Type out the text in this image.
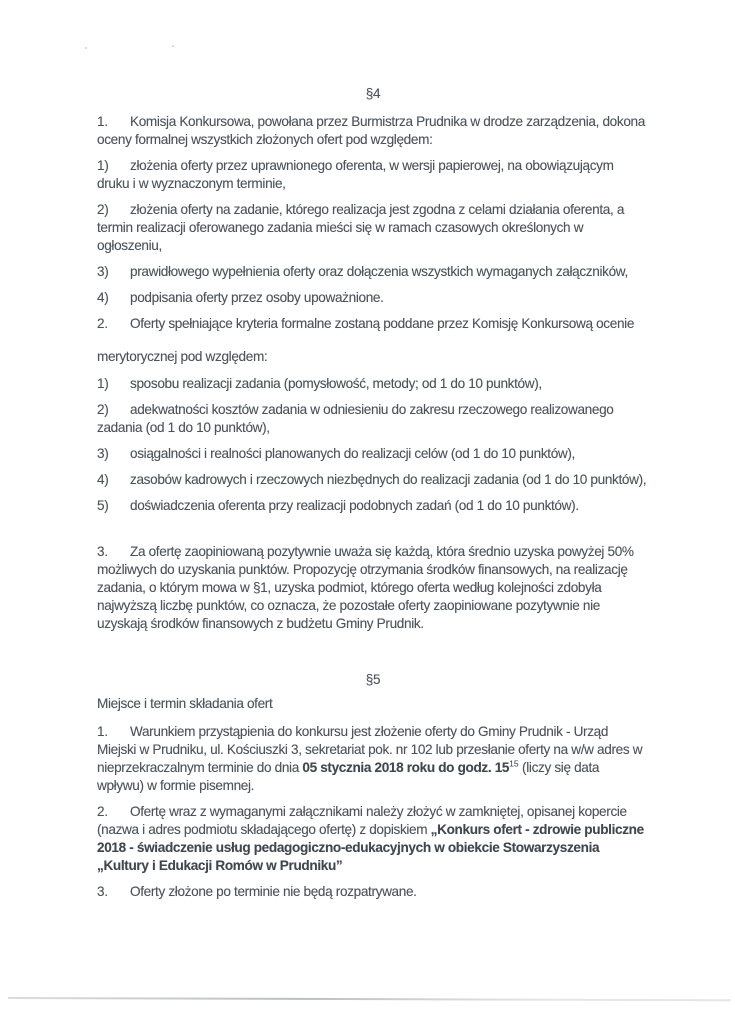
§4

1. Komisja Konkursowa, powołana przez Burmistrza Prudnika w drodze zarządzenia, dokona oceny formalnej wszystkich złożonych ofert pod względem:

1) złożenia oferty przez uprawnionego oferenta, w wersji papierowej, na obowiązującym druku i w wyznaczonym terminie,

2) złożenia oferty na zadanie, którego realizacja jest zgodna z celami działania oferenta, a termin realizacji oferowanego zadania mieści się w ramach czasowych określonych w ogłoszeniu,

3) prawidłowego wypełnienia oferty oraz dołączenia wszystkich wymaganych załączników,

4) podpisania oferty przez osoby upoważnione.

2. Oferty spełniające kryteria formalne zostaną poddane przez Komisję Konkursową ocenie
merytorycznej pod względem:

1) sposobu realizacji zadania (pomysłowość, metody; od 1 do 10 punktów),

2) adekwatności kosztów zadania w odniesieniu do zakresu rzeczowego realizowanego zadania (od 1 do 10 punktów),

3) osiągalności i realności planowanych do realizacji celów (od 1 do 10 punktów),

4) zasobów kadrowych i rzeczowych niezbędnych do realizacji zadania (od 1 do 10 punktów),

5) doświadczenia oferenta przy realizacji podobnych zadań (od 1 do 10 punktów).

3. Za ofertę zaopiniowaną pozytywnie uważa się każdą, która średnio uzyska powyżej 50% możliwych do uzyskania punktów. Propozycję otrzymania środków finansowych, na realizację zadania, o którym mowa w §1, uzyska podmiot, którego oferta według kolejności zdobyła najwyższą liczbę punktów, co oznacza, że pozostałe oferty zaopiniowane pozytywnie nie uzyskają środków finansowych z budżetu Gminy Prudnik.

§5

Miejsce i termin składania ofert

1. Warunkiem przystąpienia do konkursu jest złożenie oferty do Gminy Prudnik - Urząd Miejski w Prudniku, ul. Kościuszki 3, sekretariat pok. nr 102 lub przesłanie oferty na w/w adres w nieprzekraczalnym terminie do dnia 05 stycznia 2018 roku do godz. $15^{15}$ (liczy się data wpływu) w formie pisemnej.

2. Ofertę wraz z wymaganymi załącznikami należy złożyć w zamkniętej, opisanej kopercie (nazwa i adres podmiotu składającego ofertę) z dopiskiem „Konkurs ofert - zdrowie publiczne 2018 - świadczenie usług pedagogiczno-edukacyjnych w obiekcie Stowarzyszenia „Kultury i Edukacji Romów w Prudniku”

3. Oferty złożone po terminie nie będą rozpatrywane.
